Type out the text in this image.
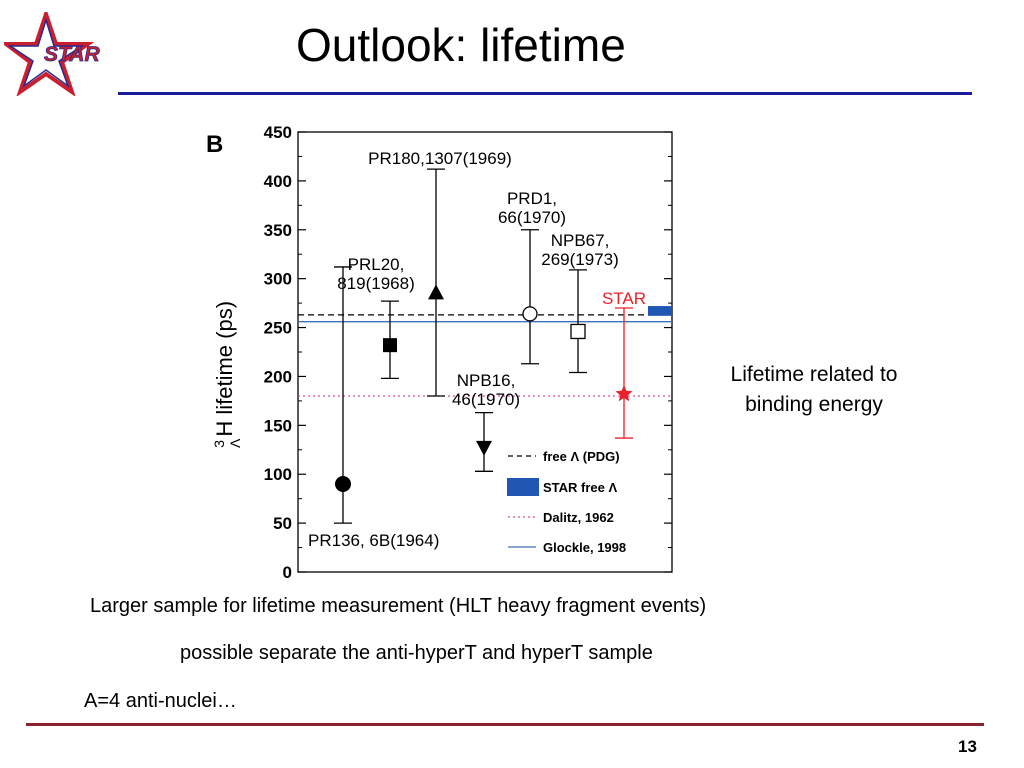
STAR	Outlook: lifetime
B
$^3$ΛH lifetime (ps)
0
50
100
150
200
250
300
350
400
450
PR136, 6B(1964)
PRL20,
819(1968)
PR180,1307(1969)
NPB16,
46(1970)
PRD1,
66(1970)
NPB67,
269(1973)
STAR
free Λ (PDG)
STAR free Λ
Dalitz, 1962
Glockle, 1998
Lifetime related to
binding energy
Larger sample for lifetime measurement (HLT heavy fragment events)
possible separate the anti-hyperT and hyperT sample
A=4 anti-nuclei…
13
